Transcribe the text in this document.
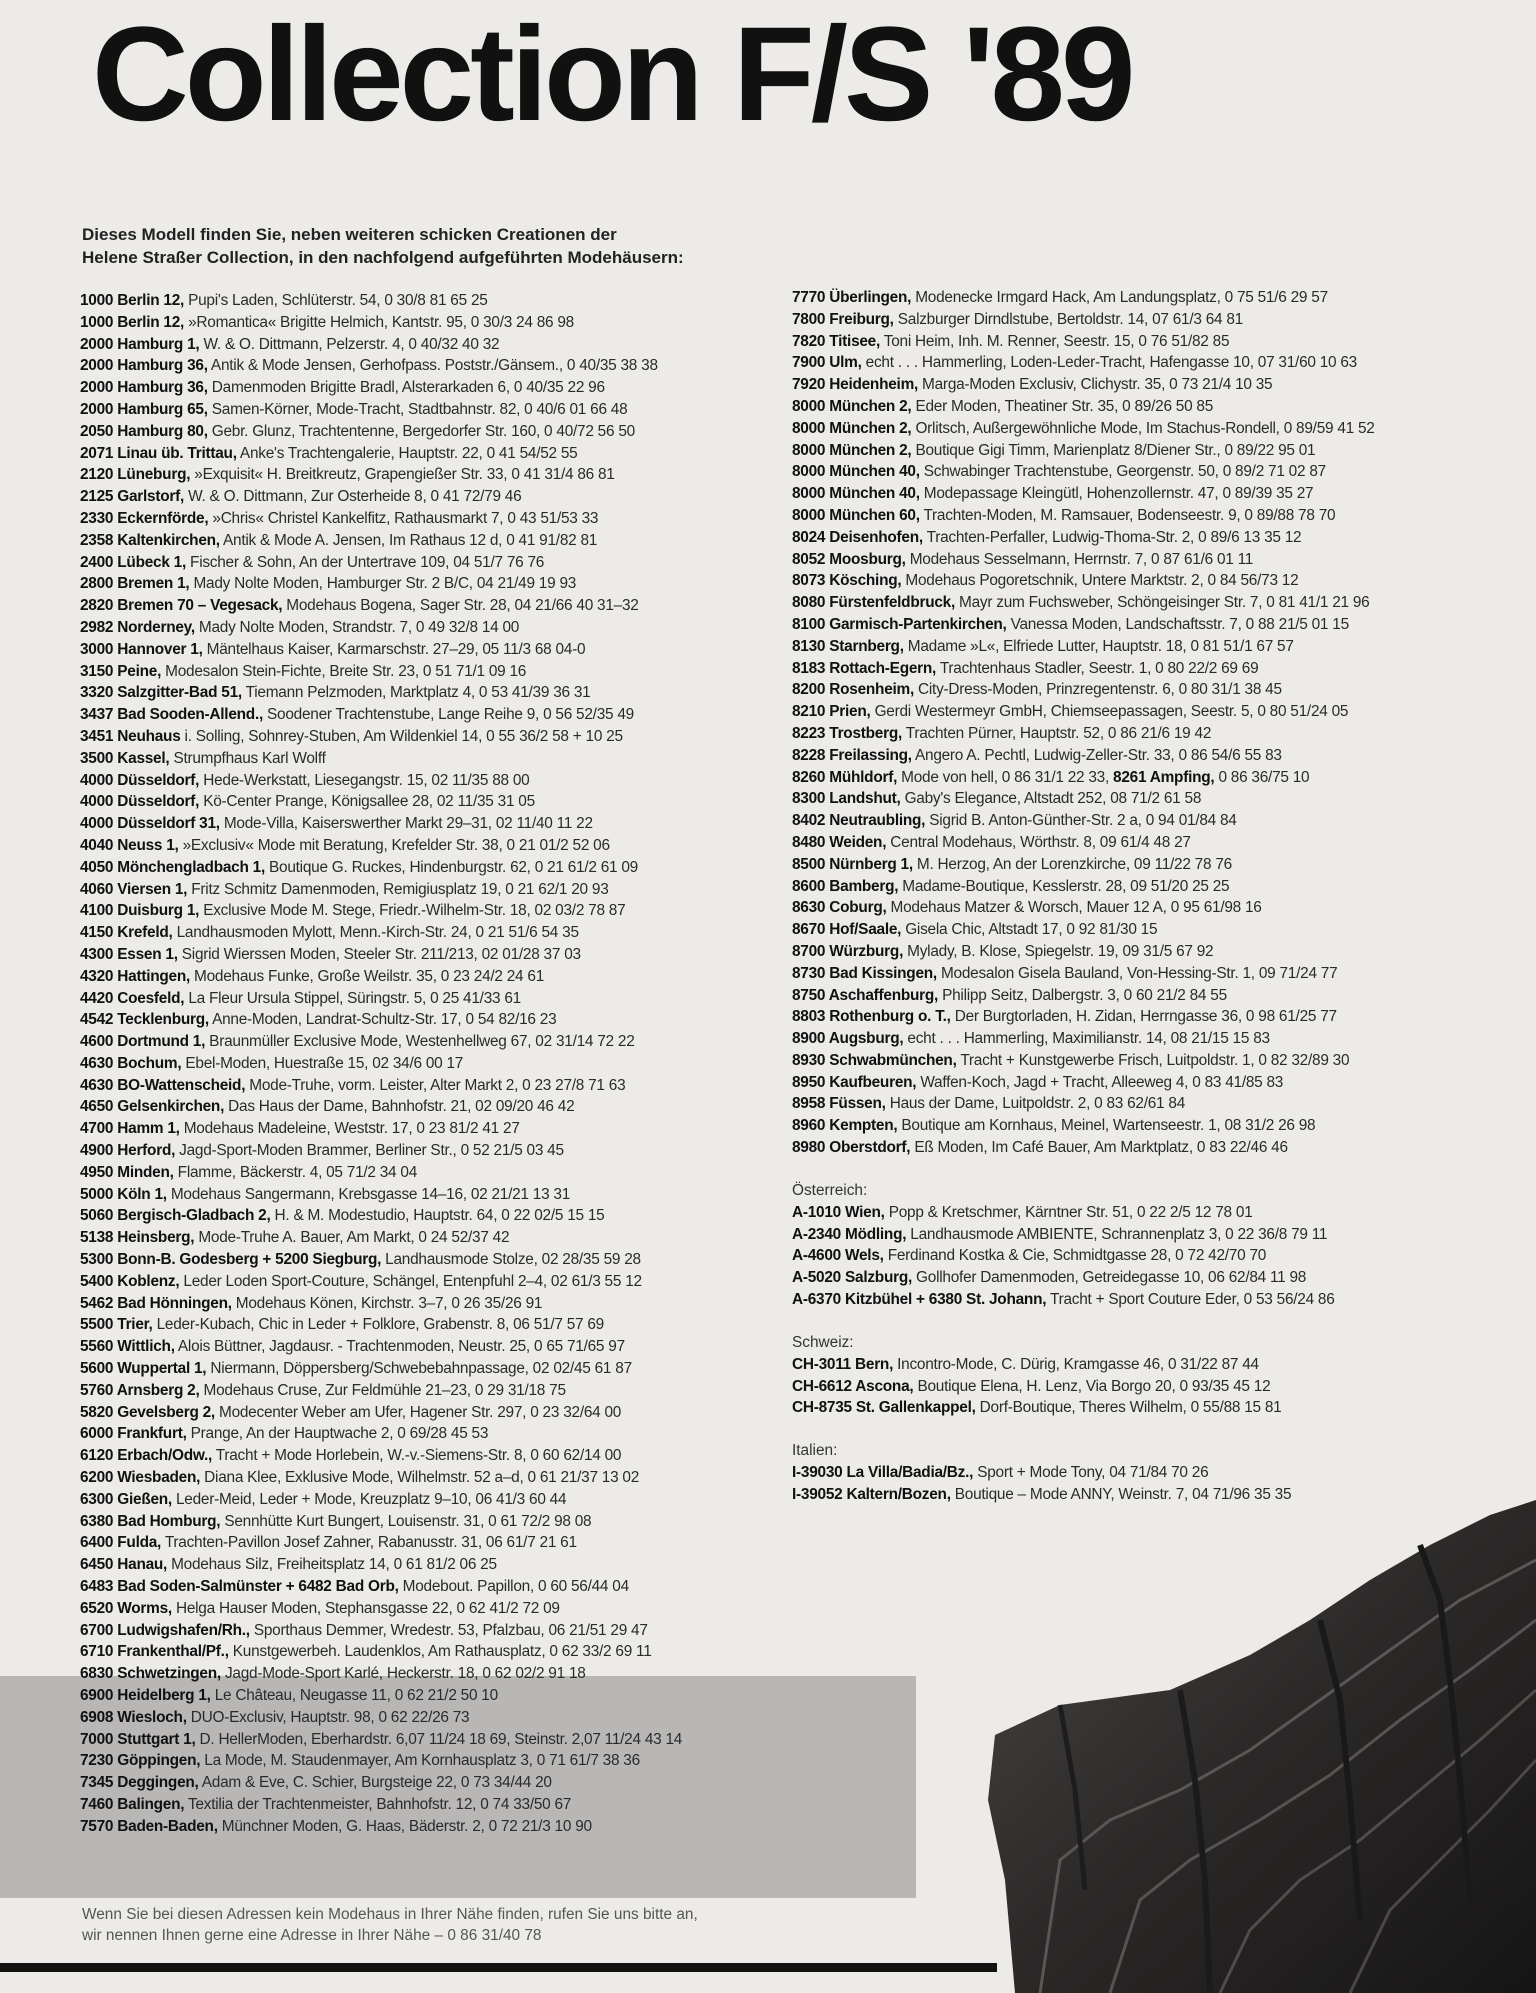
Collection F/S '89
Dieses Modell finden Sie, neben weiteren schicken Creationen der
Helene Straßer Collection, in den nachfolgend aufgeführten Modehäusern:
1000 Berlin 12, Pupi's Laden, Schlüterstr. 54, 0 30/8 81 65 25
1000 Berlin 12, »Romantica« Brigitte Helmich, Kantstr. 95, 0 30/3 24 86 98
2000 Hamburg 1, W. & O. Dittmann, Pelzerstr. 4, 0 40/32 40 32
2000 Hamburg 36, Antik & Mode Jensen, Gerhofpass. Poststr./Gänsem., 0 40/35 38 38
2000 Hamburg 36, Damenmoden Brigitte Bradl, Alsterarkaden 6, 0 40/35 22 96
2000 Hamburg 65, Samen-Körner, Mode-Tracht, Stadtbahnstr. 82, 0 40/6 01 66 48
2050 Hamburg 80, Gebr. Glunz, Trachtentenne, Bergedorfer Str. 160, 0 40/72 56 50
2071 Linau üb. Trittau, Anke's Trachtengalerie, Hauptstr. 22, 0 41 54/52 55
2120 Lüneburg, »Exquisit« H. Breitkreutz, Grapengießer Str. 33, 0 41 31/4 86 81
2125 Garlstorf, W. & O. Dittmann, Zur Osterheide 8, 0 41 72/79 46
2330 Eckernförde, »Chris« Christel Kankelfitz, Rathausmarkt 7, 0 43 51/53 33
2358 Kaltenkirchen, Antik & Mode A. Jensen, Im Rathaus 12 d, 0 41 91/82 81
2400 Lübeck 1, Fischer & Sohn, An der Untertrave 109, 04 51/7 76 76
2800 Bremen 1, Mady Nolte Moden, Hamburger Str. 2 B/C, 04 21/49 19 93
2820 Bremen 70 – Vegesack, Modehaus Bogena, Sager Str. 28, 04 21/66 40 31–32
2982 Norderney, Mady Nolte Moden, Strandstr. 7, 0 49 32/8 14 00
3000 Hannover 1, Mäntelhaus Kaiser, Karmarschstr. 27–29, 05 11/3 68 04-0
3150 Peine, Modesalon Stein-Fichte, Breite Str. 23, 0 51 71/1 09 16
3320 Salzgitter-Bad 51, Tiemann Pelzmoden, Marktplatz 4, 0 53 41/39 36 31
3437 Bad Sooden-Allend., Soodener Trachtenstube, Lange Reihe 9, 0 56 52/35 49
3451 Neuhaus i. Solling, Sohnrey-Stuben, Am Wildenkiel 14, 0 55 36/2 58 + 10 25
3500 Kassel, Strumpfhaus Karl Wolff
4000 Düsseldorf, Hede-Werkstatt, Liesegangstr. 15, 02 11/35 88 00
4000 Düsseldorf, Kö-Center Prange, Königsallee 28, 02 11/35 31 05
4000 Düsseldorf 31, Mode-Villa, Kaiserswerther Markt 29–31, 02 11/40 11 22
4040 Neuss 1, »Exclusiv« Mode mit Beratung, Krefelder Str. 38, 0 21 01/2 52 06
4050 Mönchengladbach 1, Boutique G. Ruckes, Hindenburgstr. 62, 0 21 61/2 61 09
4060 Viersen 1, Fritz Schmitz Damenmoden, Remigiusplatz 19, 0 21 62/1 20 93
4100 Duisburg 1, Exclusive Mode M. Stege, Friedr.-Wilhelm-Str. 18, 02 03/2 78 87
4150 Krefeld, Landhausmoden Mylott, Menn.-Kirch-Str. 24, 0 21 51/6 54 35
4300 Essen 1, Sigrid Wierssen Moden, Steeler Str. 211/213, 02 01/28 37 03
4320 Hattingen, Modehaus Funke, Große Weilstr. 35, 0 23 24/2 24 61
4420 Coesfeld, La Fleur Ursula Stippel, Süringstr. 5, 0 25 41/33 61
4542 Tecklenburg, Anne-Moden, Landrat-Schultz-Str. 17, 0 54 82/16 23
4600 Dortmund 1, Braunmüller Exclusive Mode, Westenhellweg 67, 02 31/14 72 22
4630 Bochum, Ebel-Moden, Huestraße 15, 02 34/6 00 17
4630 BO-Wattenscheid, Mode-Truhe, vorm. Leister, Alter Markt 2, 0 23 27/8 71 63
4650 Gelsenkirchen, Das Haus der Dame, Bahnhofstr. 21, 02 09/20 46 42
4700 Hamm 1, Modehaus Madeleine, Weststr. 17, 0 23 81/2 41 27
4900 Herford, Jagd-Sport-Moden Brammer, Berliner Str., 0 52 21/5 03 45
4950 Minden, Flamme, Bäckerstr. 4, 05 71/2 34 04
5000 Köln 1, Modehaus Sangermann, Krebsgasse 14–16, 02 21/21 13 31
5060 Bergisch-Gladbach 2, H. & M. Modestudio, Hauptstr. 64, 0 22 02/5 15 15
5138 Heinsberg, Mode-Truhe A. Bauer, Am Markt, 0 24 52/37 42
5300 Bonn-B. Godesberg + 5200 Siegburg, Landhausmode Stolze, 02 28/35 59 28
5400 Koblenz, Leder Loden Sport-Couture, Schängel, Entenpfuhl 2–4, 02 61/3 55 12
5462 Bad Hönningen, Modehaus Könen, Kirchstr. 3–7, 0 26 35/26 91
5500 Trier, Leder-Kubach, Chic in Leder + Folklore, Grabenstr. 8, 06 51/7 57 69
5560 Wittlich, Alois Büttner, Jagdausr. - Trachtenmoden, Neustr. 25, 0 65 71/65 97
5600 Wuppertal 1, Niermann, Döppersberg/Schwebebahnpassage, 02 02/45 61 87
5760 Arnsberg 2, Modehaus Cruse, Zur Feldmühle 21–23, 0 29 31/18 75
5820 Gevelsberg 2, Modecenter Weber am Ufer, Hagener Str. 297, 0 23 32/64 00
6000 Frankfurt, Prange, An der Hauptwache 2, 0 69/28 45 53
6120 Erbach/Odw., Tracht + Mode Horlebein, W.-v.-Siemens-Str. 8, 0 60 62/14 00
6200 Wiesbaden, Diana Klee, Exklusive Mode, Wilhelmstr. 52 a–d, 0 61 21/37 13 02
6300 Gießen, Leder-Meid, Leder + Mode, Kreuzplatz 9–10, 06 41/3 60 44
6380 Bad Homburg, Sennhütte Kurt Bungert, Louisenstr. 31, 0 61 72/2 98 08
6400 Fulda, Trachten-Pavillon Josef Zahner, Rabanusstr. 31, 06 61/7 21 61
6450 Hanau, Modehaus Silz, Freiheitsplatz 14, 0 61 81/2 06 25
6483 Bad Soden-Salmünster + 6482 Bad Orb, Modebout. Papillon, 0 60 56/44 04
6520 Worms, Helga Hauser Moden, Stephansgasse 22, 0 62 41/2 72 09
6700 Ludwigshafen/Rh., Sporthaus Demmer, Wredestr. 53, Pfalzbau, 06 21/51 29 47
6710 Frankenthal/Pf., Kunstgewerbeh. Laudenklos, Am Rathausplatz, 0 62 33/2 69 11
6830 Schwetzingen, Jagd-Mode-Sport Karlé, Heckerstr. 18, 0 62 02/2 91 18
6900 Heidelberg 1, Le Château, Neugasse 11, 0 62 21/2 50 10
6908 Wiesloch, DUO-Exclusiv, Hauptstr. 98, 0 62 22/26 73
7000 Stuttgart 1, D. HellerModen, Eberhardstr. 6,07 11/24 18 69, Steinstr. 2,07 11/24 43 14
7230 Göppingen, La Mode, M. Staudenmayer, Am Kornhausplatz 3, 0 71 61/7 38 36
7345 Deggingen, Adam & Eve, C. Schier, Burgsteige 22, 0 73 34/44 20
7460 Balingen, Textilia der Trachtenmeister, Bahnhofstr. 12, 0 74 33/50 67
7570 Baden-Baden, Münchner Moden, G. Haas, Bäderstr. 2, 0 72 21/3 10 90
7770 Überlingen, Modenecke Irmgard Hack, Am Landungsplatz, 0 75 51/6 29 57
7800 Freiburg, Salzburger Dirndlstube, Bertoldstr. 14, 07 61/3 64 81
7820 Titisee, Toni Heim, Inh. M. Renner, Seestr. 15, 0 76 51/82 85
7900 Ulm, echt . . . Hammerling, Loden-Leder-Tracht, Hafengasse 10, 07 31/60 10 63
7920 Heidenheim, Marga-Moden Exclusiv, Clichystr. 35, 0 73 21/4 10 35
8000 München 2, Eder Moden, Theatiner Str. 35, 0 89/26 50 85
8000 München 2, Orlitsch, Außergewöhnliche Mode, Im Stachus-Rondell, 0 89/59 41 52
8000 München 2, Boutique Gigi Timm, Marienplatz 8/Diener Str., 0 89/22 95 01
8000 München 40, Schwabinger Trachtenstube, Georgenstr. 50, 0 89/2 71 02 87
8000 München 40, Modepassage Kleingütl, Hohenzollernstr. 47, 0 89/39 35 27
8000 München 60, Trachten-Moden, M. Ramsauer, Bodenseestr. 9, 0 89/88 78 70
8024 Deisenhofen, Trachten-Perfaller, Ludwig-Thoma-Str. 2, 0 89/6 13 35 12
8052 Moosburg, Modehaus Sesselmann, Herrnstr. 7, 0 87 61/6 01 11
8073 Kösching, Modehaus Pogoretschnik, Untere Marktstr. 2, 0 84 56/73 12
8080 Fürstenfeldbruck, Mayr zum Fuchsweber, Schöngeisinger Str. 7, 0 81 41/1 21 96
8100 Garmisch-Partenkirchen, Vanessa Moden, Landschaftsstr. 7, 0 88 21/5 01 15
8130 Starnberg, Madame »L«, Elfriede Lutter, Hauptstr. 18, 0 81 51/1 67 57
8183 Rottach-Egern, Trachtenhaus Stadler, Seestr. 1, 0 80 22/2 69 69
8200 Rosenheim, City-Dress-Moden, Prinzregentenstr. 6, 0 80 31/1 38 45
8210 Prien, Gerdi Westermeyr GmbH, Chiemseepassagen, Seestr. 5, 0 80 51/24 05
8223 Trostberg, Trachten Pürner, Hauptstr. 52, 0 86 21/6 19 42
8228 Freilassing, Angero A. Pechtl, Ludwig-Zeller-Str. 33, 0 86 54/6 55 83
8260 Mühldorf, Mode von hell, 0 86 31/1 22 33, 8261 Ampfing, 0 86 36/75 10
8300 Landshut, Gaby's Elegance, Altstadt 252, 08 71/2 61 58
8402 Neutraubling, Sigrid B. Anton-Günther-Str. 2 a, 0 94 01/84 84
8480 Weiden, Central Modehaus, Wörthstr. 8, 09 61/4 48 27
8500 Nürnberg 1, M. Herzog, An der Lorenzkirche, 09 11/22 78 76
8600 Bamberg, Madame-Boutique, Kesslerstr. 28, 09 51/20 25 25
8630 Coburg, Modehaus Matzer & Worsch, Mauer 12 A, 0 95 61/98 16
8670 Hof/Saale, Gisela Chic, Altstadt 17, 0 92 81/30 15
8700 Würzburg, Mylady, B. Klose, Spiegelstr. 19, 09 31/5 67 92
8730 Bad Kissingen, Modesalon Gisela Bauland, Von-Hessing-Str. 1, 09 71/24 77
8750 Aschaffenburg, Philipp Seitz, Dalbergstr. 3, 0 60 21/2 84 55
8803 Rothenburg o. T., Der Burgtorladen, H. Zidan, Herrngasse 36, 0 98 61/25 77
8900 Augsburg, echt . . . Hammerling, Maximilianstr. 14, 08 21/15 15 83
8930 Schwabmünchen, Tracht + Kunstgewerbe Frisch, Luitpoldstr. 1, 0 82 32/89 30
8950 Kaufbeuren, Waffen-Koch, Jagd + Tracht, Alleeweg 4, 0 83 41/85 83
8958 Füssen, Haus der Dame, Luitpoldstr. 2, 0 83 62/61 84
8960 Kempten, Boutique am Kornhaus, Meinel, Wartenseestr. 1, 08 31/2 26 98
8980 Oberstdorf, Eß Moden, Im Café Bauer, Am Marktplatz, 0 83 22/46 46
Österreich:
A-1010 Wien, Popp & Kretschmer, Kärntner Str. 51, 0 22 2/5 12 78 01
A-2340 Mödling, Landhausmode AMBIENTE, Schrannenplatz 3, 0 22 36/8 79 11
A-4600 Wels, Ferdinand Kostka & Cie, Schmidtgasse 28, 0 72 42/70 70
A-5020 Salzburg, Gollhofer Damenmoden, Getreidegasse 10, 06 62/84 11 98
A-6370 Kitzbühel + 6380 St. Johann, Tracht + Sport Couture Eder, 0 53 56/24 86
Schweiz:
CH-3011 Bern, Incontro-Mode, C. Dürig, Kramgasse 46, 0 31/22 87 44
CH-6612 Ascona, Boutique Elena, H. Lenz, Via Borgo 20, 0 93/35 45 12
CH-8735 St. Gallenkappel, Dorf-Boutique, Theres Wilhelm, 0 55/88 15 81
Italien:
I-39030 La Villa/Badia/Bz., Sport + Mode Tony, 04 71/84 70 26
I-39052 Kaltern/Bozen, Boutique – Mode ANNY, Weinstr. 7, 04 71/96 35 35
Wenn Sie bei diesen Adressen kein Modehaus in Ihrer Nähe finden, rufen Sie uns bitte an,
wir nennen Ihnen gerne eine Adresse in Ihrer Nähe – 0 86 31/40 78
